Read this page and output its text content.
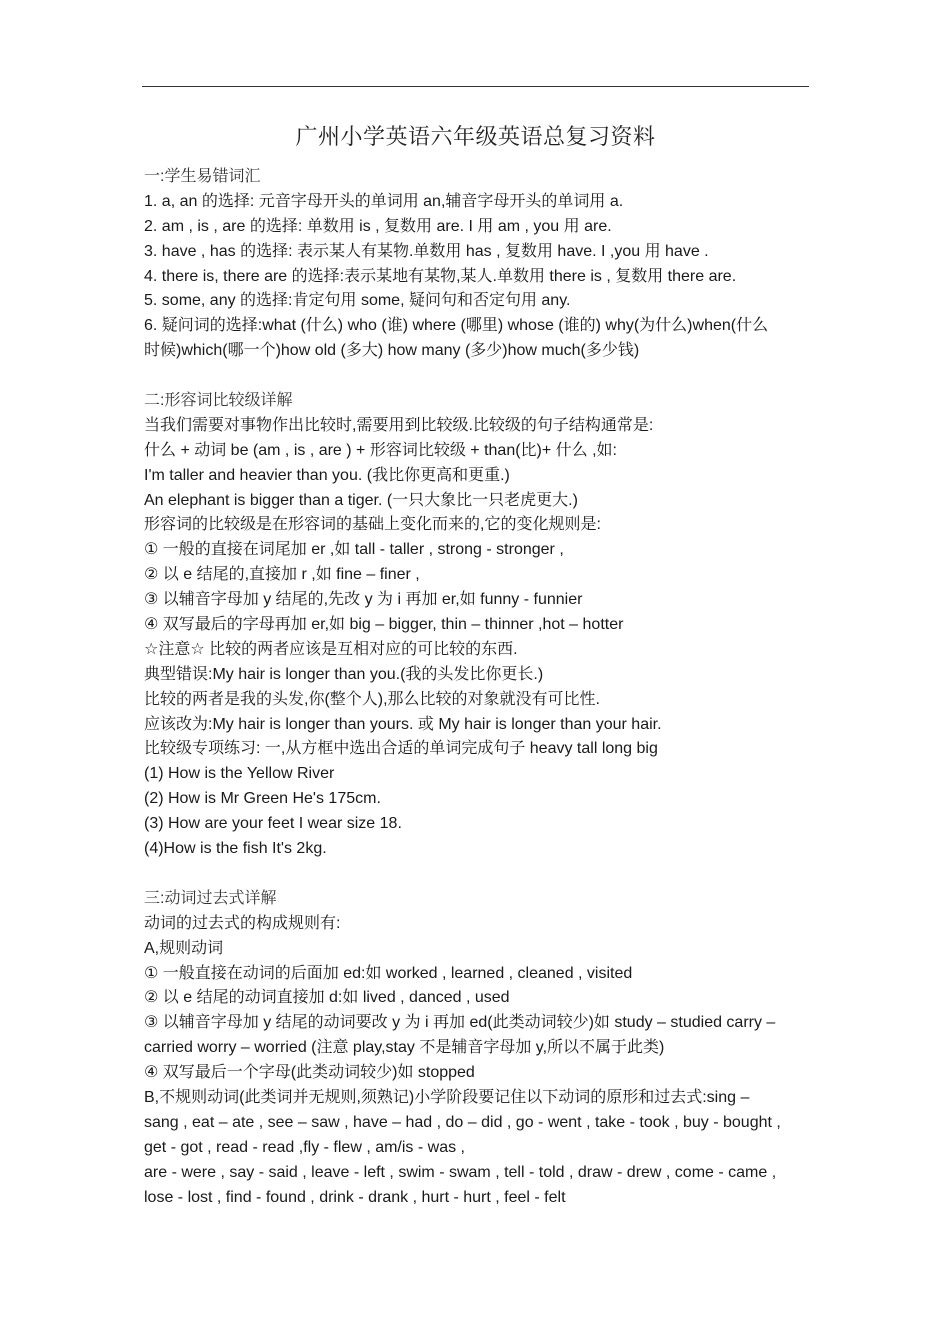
广州小学英语六年级英语总复习资料
一:学生易错词汇
1. a, an 的选择: 元音字母开头的单词用 an,辅音字母开头的单词用 a.
2. am , is , are 的选择: 单数用 is , 复数用 are. I 用 am , you 用 are.
3. have , has 的选择: 表示某人有某物.单数用 has , 复数用 have. I ,you 用 have .
4. there is, there are 的选择:表示某地有某物,某人.单数用 there is , 复数用 there are.
5. some, any 的选择:肯定句用 some, 疑问句和否定句用 any.
6. 疑问词的选择:what (什么) who (谁) where (哪里) whose (谁的) why(为什么)when(什么
时候)which(哪一个)how old (多大) how many (多少)how much(多少钱)
二:形容词比较级详解
当我们需要对事物作出比较时,需要用到比较级.比较级的句子结构通常是:
什么 + 动词 be (am , is , are ) + 形容词比较级 + than(比)+ 什么 ,如:
I'm taller and heavier than you. (我比你更高和更重.)
An elephant is bigger than a tiger. (一只大象比一只老虎更大.)
形容词的比较级是在形容词的基础上变化而来的,它的变化规则是:
① 一般的直接在词尾加 er ,如 tall - taller , strong - stronger ,
② 以 e 结尾的,直接加 r ,如 fine – finer ,
③ 以辅音字母加 y 结尾的,先改 y 为 i 再加 er,如 funny - funnier
④ 双写最后的字母再加 er,如 big – bigger, thin – thinner ,hot – hotter
☆注意☆ 比较的两者应该是互相对应的可比较的东西.
典型错误:My hair is longer than you.(我的头发比你更长.)
比较的两者是我的头发,你(整个人),那么比较的对象就没有可比性.
应该改为:My hair is longer than yours. 或 My hair is longer than your hair.
比较级专项练习: 一,从方框中选出合适的单词完成句子 heavy tall long big
(1) How is the Yellow River
(2) How is Mr Green He's 175cm.
(3) How are your feet I wear size 18.
(4)How is the fish It's 2kg.
三:动词过去式详解
动词的过去式的构成规则有:
A,规则动词
① 一般直接在动词的后面加 ed:如 worked , learned , cleaned , visited
② 以 e 结尾的动词直接加 d:如 lived , danced , used
③ 以辅音字母加 y 结尾的动词要改 y 为 i 再加 ed(此类动词较少)如 study – studied carry –
carried worry – worried (注意 play,stay 不是辅音字母加 y,所以不属于此类)
④ 双写最后一个字母(此类动词较少)如 stopped
B,不规则动词(此类词并无规则,须熟记)小学阶段要记住以下动词的原形和过去式:sing –
sang , eat – ate , see – saw , have – had , do – did , go - went , take - took , buy - bought ,
get - got , read - read ,fly - flew , am/is - was ,
are - were , say - said , leave - left , swim - swam , tell - told , draw - drew , come - came ,
lose - lost , find - found , drink - drank , hurt - hurt , feel - felt
